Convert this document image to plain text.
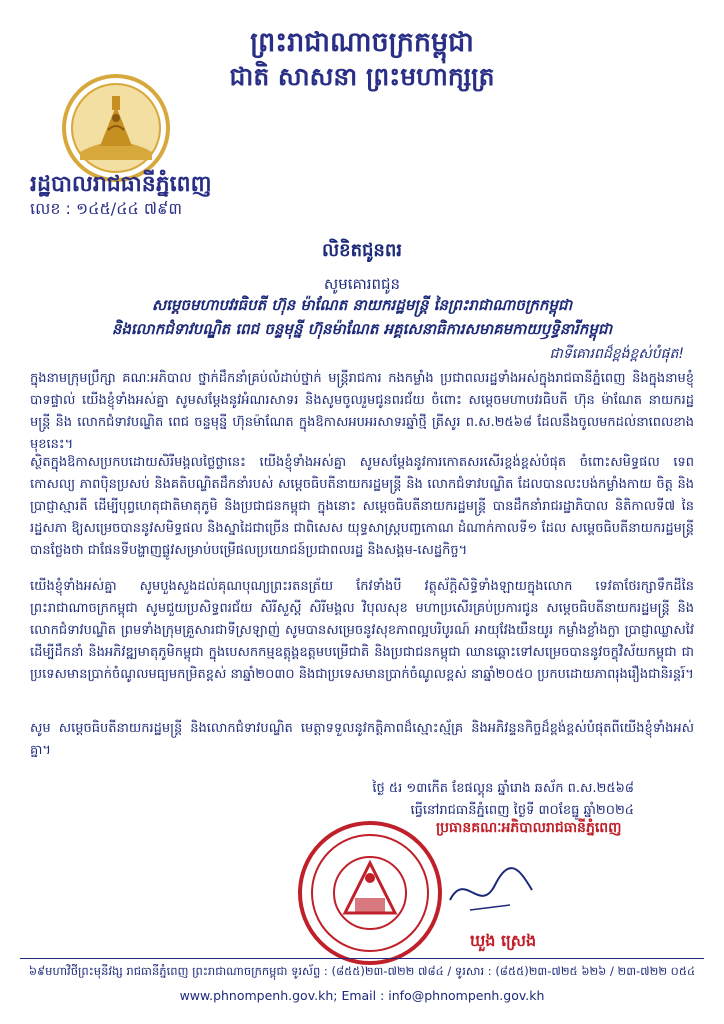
ព្រះរាជាណាចក្រកម្ពុជា
ជាតិ សាសនា ព្រះមហាក្សត្រ
រដ្ឋបាលរាជធានីភ្នំពេញ
លេខ : ១៤៥/៤៤ ៧៩៣
លិខិតជូនពរ
សូមគោរពជូន
សម្តេចមហាបវរធិបតី ហ៊ុន ម៉ាណែត នាយករដ្ឋមន្ត្រី នៃព្រះរាជាណាចក្រកម្ពុជា
និងលោកជំទាវបណ្ឌិត ពេជ ចន្ទមុន្នី ហ៊ុនម៉ាណែត អគ្គសេនាធិការសមាគមកាយឫទ្ធិនារីកម្ពុជា
ជាទីគោរពដ៏ខ្ពង់ខ្ពស់បំផុត!
ក្នុងនាមក្រុមប្រឹក្សា គណៈអភិបាល ថ្នាក់ដឹកនាំគ្រប់លំដាប់ថ្នាក់ មន្ត្រីរាជការ កងកម្លាំង ប្រជាពលរដ្ឋទាំងអស់ក្នុងរាជធានីភ្នំពេញ និងក្នុងនាមខ្ញុំបាទផ្ទាល់ យើងខ្ញុំទាំងអស់គ្នា សូមសម្តែងនូវអំណរសាទរ និងសូមចូលរួមជូនពរជ័យ ចំពោះ សម្តេចមហាបវរធិបតី ហ៊ុន ម៉ាណែត នាយករដ្ឋមន្ត្រី និង លោកជំទាវបណ្ឌិត ពេជ ចន្ទមុន្នី ហ៊ុនម៉ាណែត ក្នុងឱកាសអបអរសាទរឆ្នាំថ្មី ត្រីសូរ ព.ស.២៥៦៨ ដែលនឹងចូលមកដល់នាពេលខាងមុខនេះ។
ស្ថិតក្នុងឱកាសប្រកបដោយសិរីមង្គលថ្លៃថ្លានេះ យើងខ្ញុំទាំងអស់គ្នា សូមសម្តែងនូវការកោតសរសើរខ្ពង់ខ្ពស់បំផុត ចំពោះសមិទ្ធផល ទេពកោសល្យ ភាពប៉ិនប្រសប់ និងគតិបណ្ឌិតដឹកនាំរបស់ សម្តេចធិបតីនាយករដ្ឋមន្ត្រី និង លោកជំទាវបណ្ឌិត ដែលបានលះបង់កម្លាំងកាយ ចិត្ត និងប្រាជ្ញាស្មារតី ដើម្បីបុព្វហេតុជាតិមាតុភូមិ និងប្រជាជនកម្ពុជា ក្នុងនោះ សម្តេចធិបតីនាយករដ្ឋមន្ត្រី បានដឹកនាំរាជរដ្ឋាភិបាល និតិកាលទី៧ នៃរដ្ឋសភា ឱ្យសម្រេចបាននូវសមិទ្ធផល និងស្នាដៃជាច្រើន ជាពិសេស យុទ្ធសាស្ត្របញ្ចកោណ ដំណាក់កាលទី១ ដែល សម្តេចធិបតីនាយករដ្ឋមន្ត្រី បានថ្លែងថា ជាផែនទីបង្ហាញផ្លូវសម្រាប់បម្រើផលប្រយោជន៍ប្រជាពលរដ្ឋ និងសង្គម-សេដ្ឋកិច្ច។
យើងខ្ញុំទាំងអស់គ្នា សូមបួងសួងដល់គុណបុណ្យព្រះរតនត្រ័យ កែវទាំងបី វត្ថុស័ក្តិសិទ្ធិទាំងឡាយក្នុងលោក ទេវតាថែរក្សាទឹកដីនៃព្រះរាជាណាចក្រកម្ពុជា សូមជួយប្រសិទ្ធពរជ័យ សិរីសួស្តី សិរីមង្គល វិបុលសុខ មហាប្រសើរគ្រប់ប្រការជូន សម្តេចធិបតីនាយករដ្ឋមន្ត្រី និងលោកជំទាវបណ្ឌិត ព្រមទាំងក្រុមគ្រួសារជាទីស្រឡាញ់ សូមបានសម្រេចនូវសុខភាពល្អបរិបូរណ៍ អាយុវែងយឺនយូរ កម្លាំងខ្លាំងក្លា ប្រាជ្ញាឈ្លាសវៃ ដើម្បីដឹកនាំ និងអភិវឌ្ឍមាតុភូមិកម្ពុជា ក្នុងបេសកកម្មឧត្តុង្គឧត្តមបម្រើជាតិ និងប្រជាជនកម្ពុជា ឈានឆ្ពោះទៅសម្រេចបាននូវចក្ខុវិស័យកម្ពុជា ជាប្រទេសមានប្រាក់ចំណូលមធ្យមកម្រិតខ្ពស់ នាឆ្នាំ២០៣០ និងជាប្រទេសមានប្រាក់ចំណូលខ្ពស់ នាឆ្នាំ២០៥០ ប្រកបដោយភាពរុងរឿងជានិរន្តរ៍។
សូម សម្តេចធិបតីនាយករដ្ឋមន្ត្រី និងលោកជំទាវបណ្ឌិត មេត្តាទទួលនូវកត្តិភាពដ៏ស្មោះស្ម័គ្រ និងអភិវន្ទនកិច្ចដ៏ខ្ពង់ខ្ពស់បំផុតពីយើងខ្ញុំទាំងអស់គ្នា។
ថ្ងៃ ៥រ ១៣កើត ខែផល្គុន ឆ្នាំរោង ឆស័ក ព.ស.២៥៦៨
ធ្វើនៅរាជធានីភ្នំពេញ ថ្ងៃទី ៣០ខែធ្នូ ឆ្នាំ២០២៤
ប្រធានគណៈអភិបាលរាជធានីភ្នំពេញ
ឃួង ស្រេង
៦៩មហាវិថីព្រះមុនីវង្ស រាជធានីភ្នំពេញ ព្រះរាជាណាចក្រកម្ពុជា ទូរស័ព្ទ : (៨៥៥)២៣-៧២២ ៧៨៤ / ទូរសារ : (៨៥៥)២៣-៧២៥ ៦២៦ / ២៣-៧២២ ០៥៤
www.phnompenh.gov.kh; Email : info@phnompenh.gov.kh
